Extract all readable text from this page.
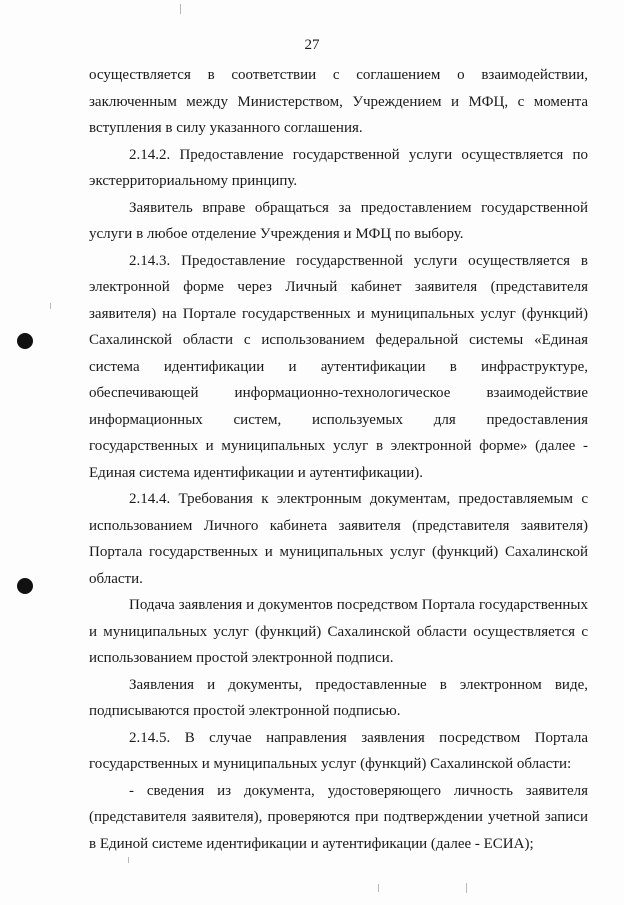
27
осуществляется в соответствии с соглашением о взаимодействии,
заключенным между Министерством, Учреждением и МФЦ, с момента
вступления в силу указанного соглашения.
2.14.2. Предоставление государственной услуги осуществляется по
экстерриториальному принципу.
Заявитель вправе обращаться за предоставлением государственной
услуги в любое отделение Учреждения и МФЦ по выбору.
2.14.3. Предоставление государственной услуги осуществляется в
электронной форме через Личный кабинет заявителя (представителя
заявителя) на Портале государственных и муниципальных услуг (функций)
Сахалинской области с использованием федеральной системы «Единая
система идентификации и аутентификации в инфраструктуре,
обеспечивающей информационно-технологическое взаимодействие
информационных систем, используемых для предоставления
государственных и муниципальных услуг в электронной форме» (далее -
Единая система идентификации и аутентификации).
2.14.4. Требования к электронным документам, предоставляемым с
использованием Личного кабинета заявителя (представителя заявителя)
Портала государственных и муниципальных услуг (функций) Сахалинской
области.
Подача заявления и документов посредством Портала государственных
и муниципальных услуг (функций) Сахалинской области осуществляется с
использованием простой электронной подписи.
Заявления и документы, предоставленные в электронном виде,
подписываются простой электронной подписью.
2.14.5. В случае направления заявления посредством Портала
государственных и муниципальных услуг (функций) Сахалинской области:
- сведения из документа, удостоверяющего личность заявителя
(представителя заявителя), проверяются при подтверждении учетной записи
в Единой системе идентификации и аутентификации (далее - ЕСИА);
